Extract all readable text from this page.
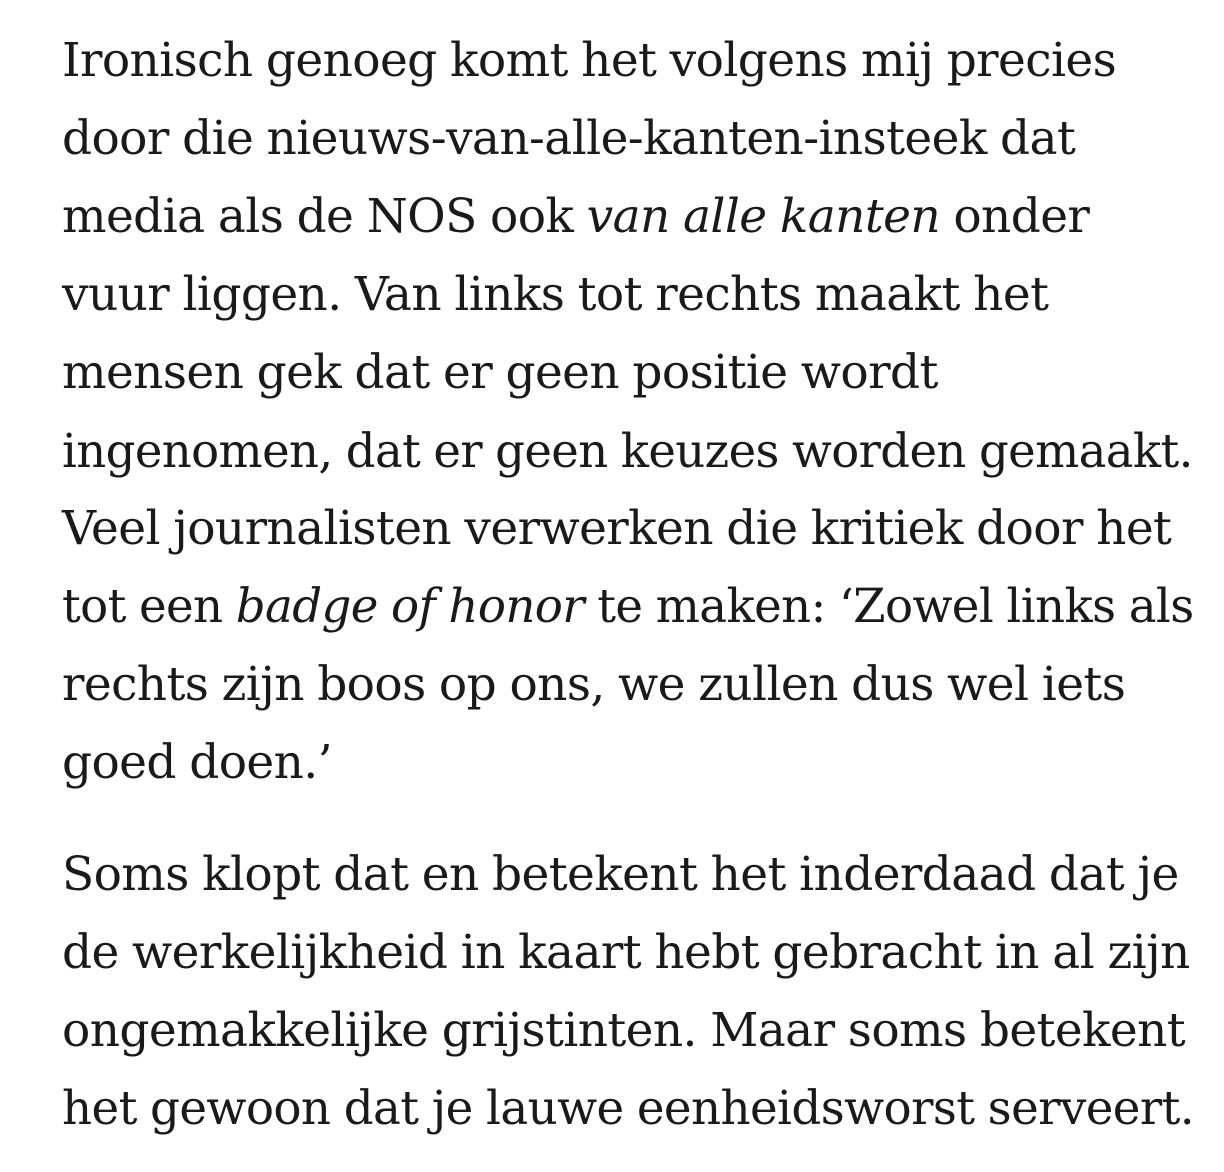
Ironisch genoeg komt het volgens mij precies
door die nieuws-van-alle-kanten-insteek dat
media als de NOS ook van alle kanten onder
vuur liggen. Van links tot rechts maakt het
mensen gek dat er geen positie wordt
ingenomen, dat er geen keuzes worden gemaakt.
Veel journalisten verwerken die kritiek door het
tot een badge of honor te maken: ‘Zowel links als
rechts zijn boos op ons, we zullen dus wel iets
goed doen.’

Soms klopt dat en betekent het inderdaad dat je
de werkelijkheid in kaart hebt gebracht in al zijn
ongemakkelijke grijstinten. Maar soms betekent
het gewoon dat je lauwe eenheidsworst serveert.
